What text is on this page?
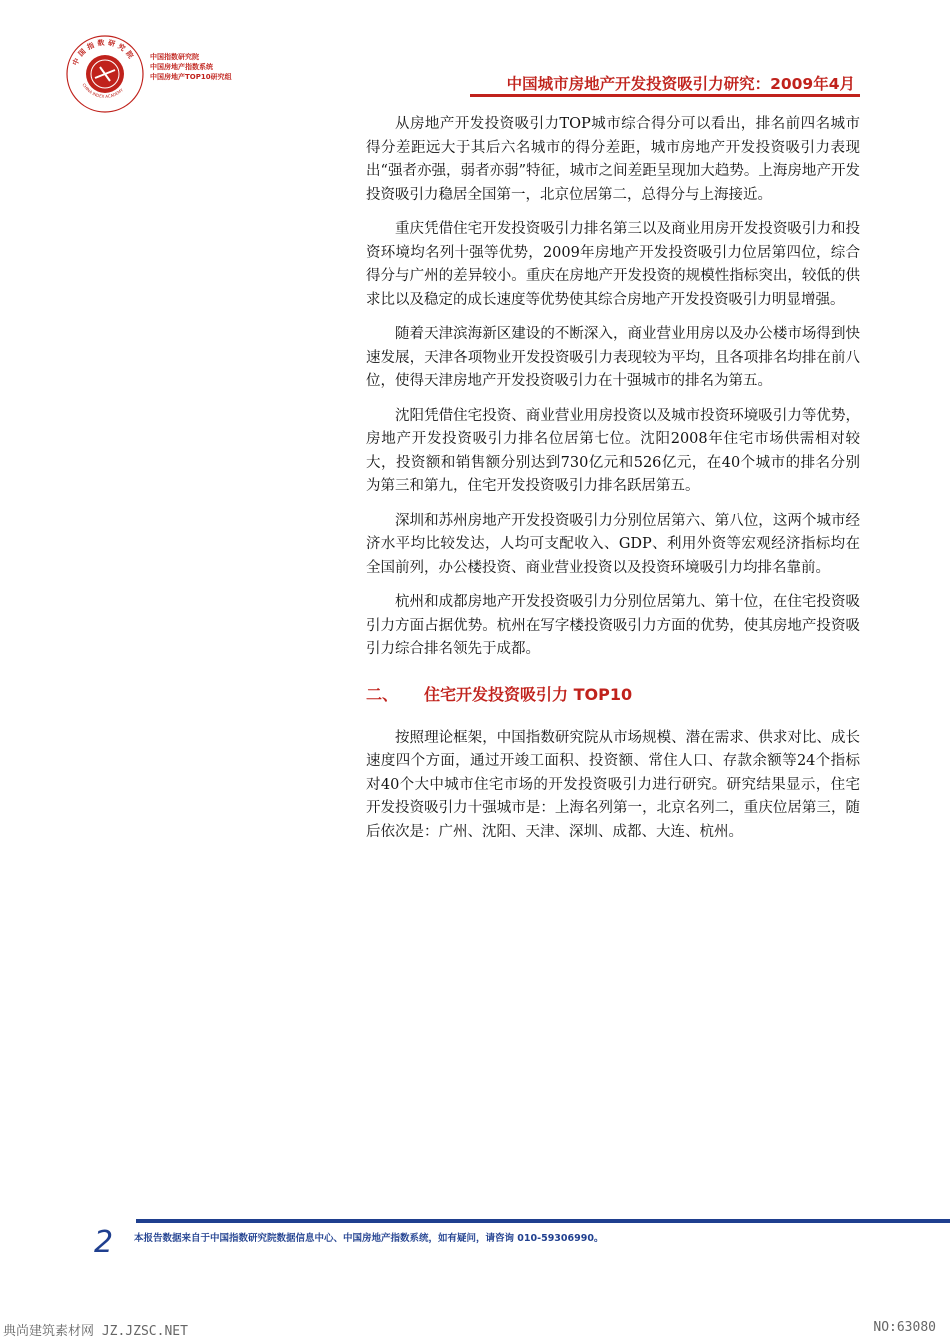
中国指数研究院
CHINA INDEX ACADEMY
中国指数研究院
中国房地产指数系统
中国房地产TOP10研究组	中国城市房地产开发投资吸引力研究：2009年4月

从房地产开发投资吸引力TOP城市综合得分可以看出，排名前四名城市得分差距远大于其后六名城市的得分差距，城市房地产开发投资吸引力表现出“强者亦强，弱者亦弱”特征，城市之间差距呈现加大趋势。上海房地产开发投资吸引力稳居全国第一，北京位居第二，总得分与上海接近。

重庆凭借住宅开发投资吸引力排名第三以及商业用房开发投资吸引力和投资环境均名列十强等优势，2009年房地产开发投资吸引力位居第四位，综合得分与广州的差异较小。重庆在房地产开发投资的规模性指标突出，较低的供求比以及稳定的成长速度等优势使其综合房地产开发投资吸引力明显增强。

随着天津滨海新区建设的不断深入，商业营业用房以及办公楼市场得到快速发展，天津各项物业开发投资吸引力表现较为平均，且各项排名均排在前八位，使得天津房地产开发投资吸引力在十强城市的排名为第五。

沈阳凭借住宅投资、商业营业用房投资以及城市投资环境吸引力等优势，房地产开发投资吸引力排名位居第七位。沈阳2008年住宅市场供需相对较大，投资额和销售额分别达到730亿元和526亿元，在40个城市的排名分别为第三和第九，住宅开发投资吸引力排名跃居第五。

深圳和苏州房地产开发投资吸引力分别位居第六、第八位，这两个城市经济水平均比较发达，人均可支配收入、GDP、利用外资等宏观经济指标均在全国前列，办公楼投资、商业营业投资以及投资环境吸引力均排名靠前。

杭州和成都房地产开发投资吸引力分别位居第九、第十位，在住宅投资吸引力方面占据优势。杭州在写字楼投资吸引力方面的优势，使其房地产投资吸引力综合排名领先于成都。

二、 住宅开发投资吸引力 TOP10

按照理论框架，中国指数研究院从市场规模、潜在需求、供求对比、成长速度四个方面，通过开竣工面积、投资额、常住人口、存款余额等24个指标对40个大中城市住宅市场的开发投资吸引力进行研究。研究结果显示，住宅开发投资吸引力十强城市是：上海名列第一，北京名列二，重庆位居第三，随后依次是：广州、沈阳、天津、深圳、成都、大连、杭州。

2 本报告数据来自于中国指数研究院数据信息中心、中国房地产指数系统，如有疑问，请咨询 010-59306990。
典尚建筑素材网 JZ.JZSC.NET	NO:63080
